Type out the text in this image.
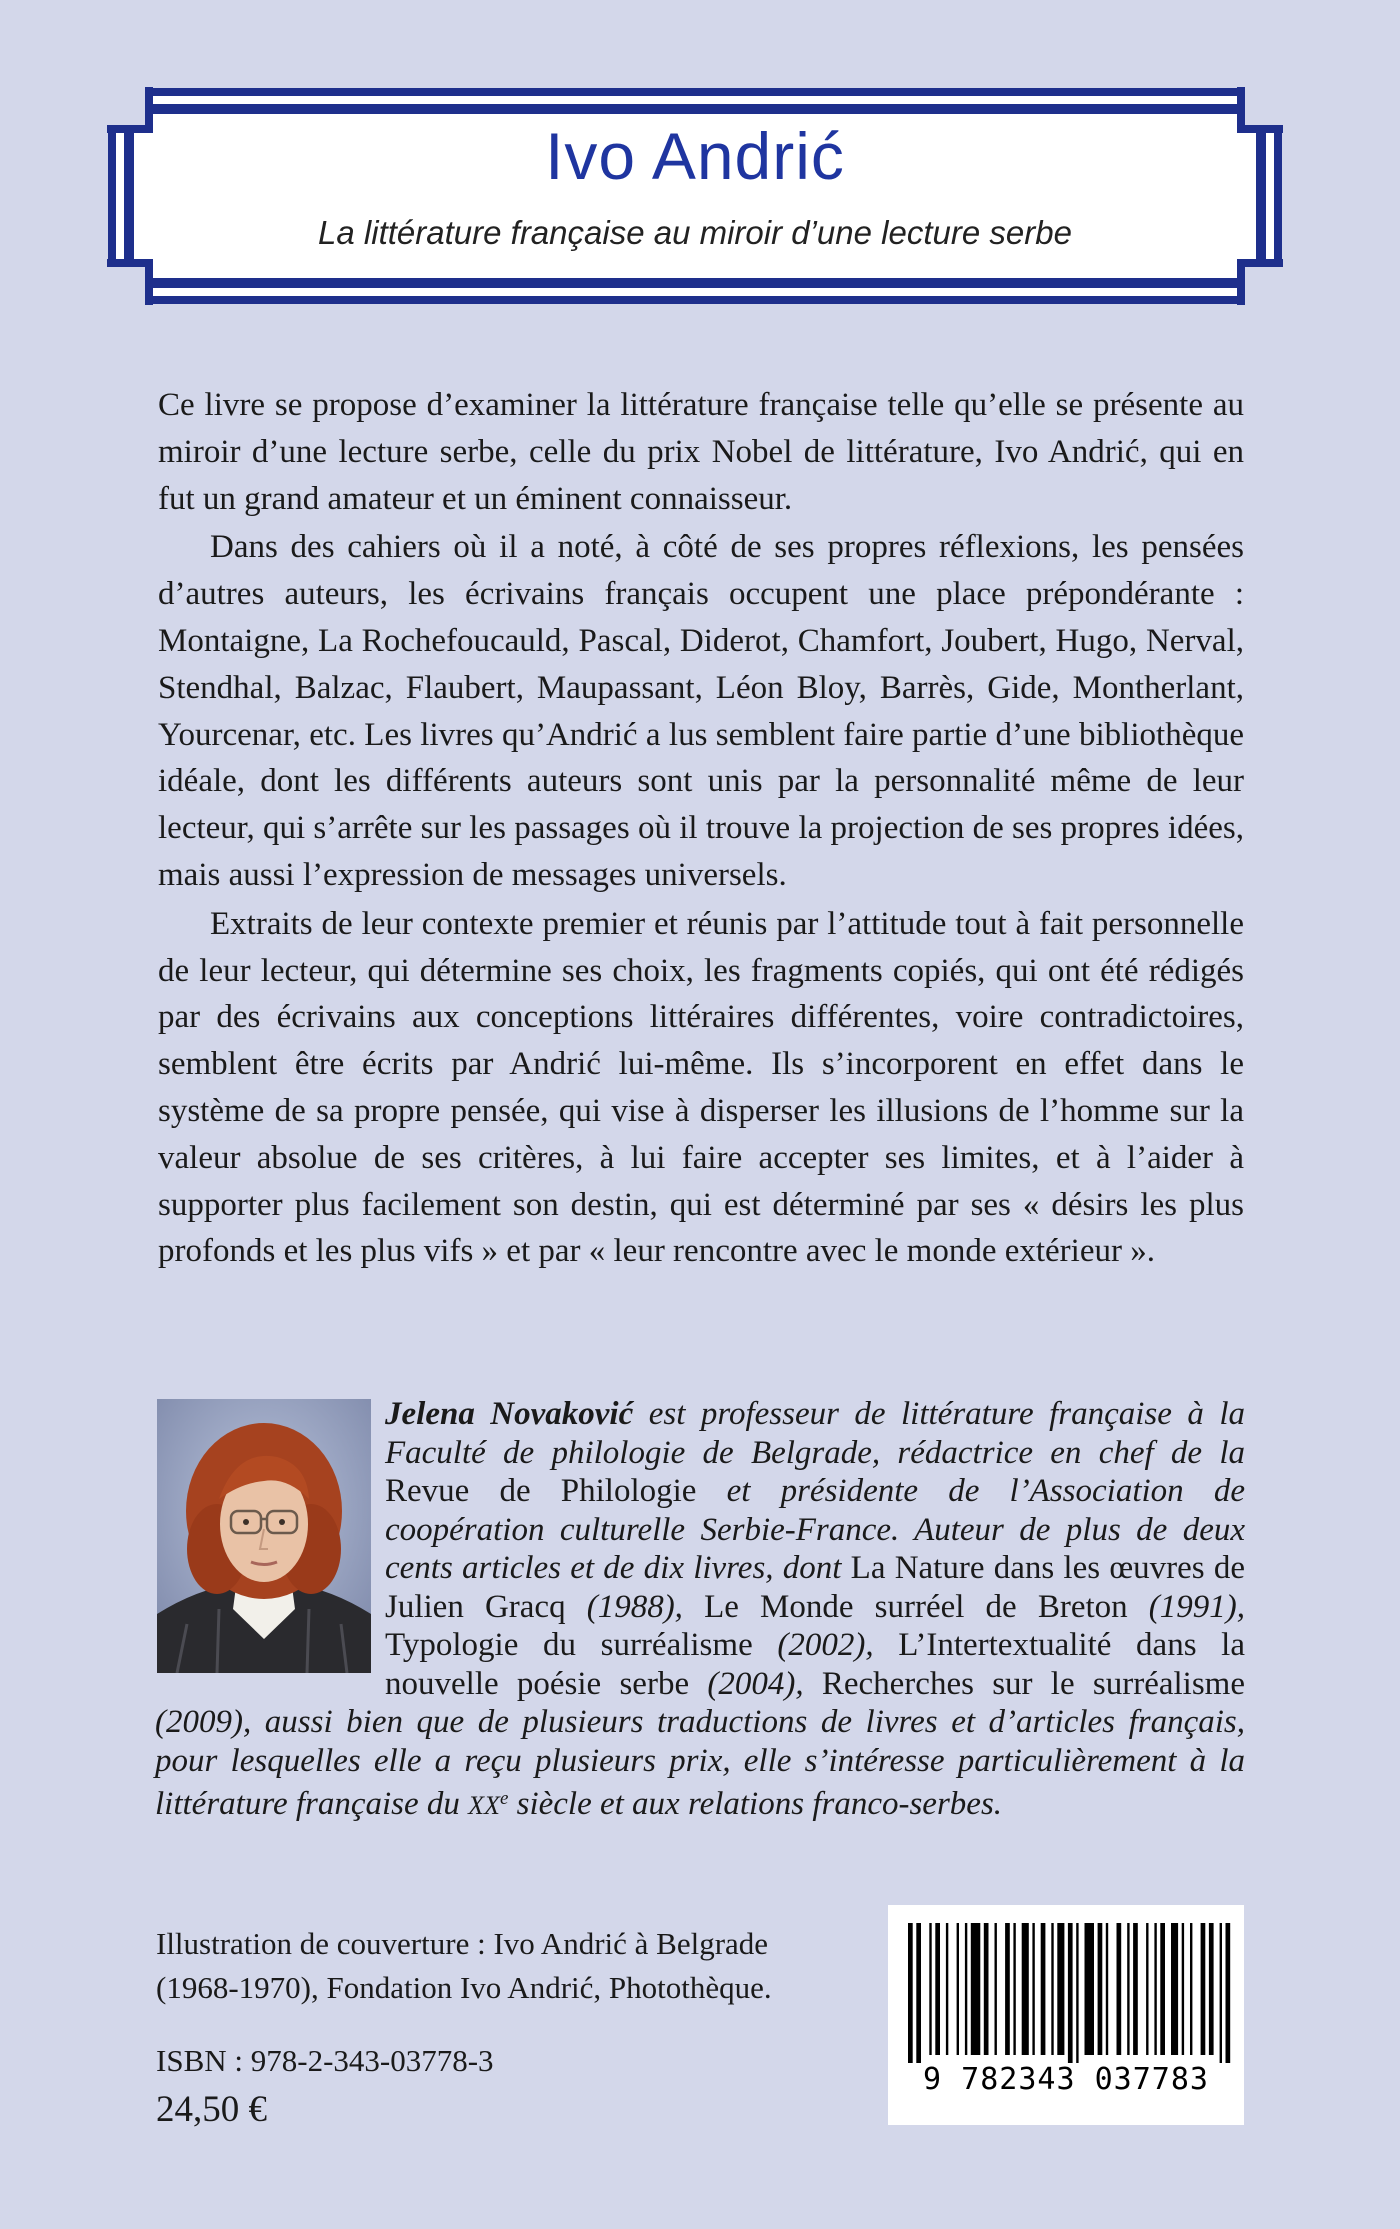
Ivo Andrić
La littérature française au miroir d’une lecture serbe

Ce livre se propose d’examiner la littérature française telle qu’elle se présente au miroir d’une lecture serbe, celle du prix Nobel de littérature, Ivo Andrić, qui en fut un grand amateur et un éminent connaisseur.

Dans des cahiers où il a noté, à côté de ses propres réflexions, les pensées d’autres auteurs, les écrivains français occupent une place prépondérante : Montaigne, La Rochefoucauld, Pascal, Diderot, Chamfort, Joubert, Hugo, Nerval, Stendhal, Balzac, Flaubert, Maupassant, Léon Bloy, Barrès, Gide, Montherlant, Yourcenar, etc. Les livres qu’Andrić a lus semblent faire partie d’une bibliothèque idéale, dont les différents auteurs sont unis par la personnalité même de leur lecteur, qui s’arrête sur les passages où il trouve la projection de ses propres idées, mais aussi l’expression de messages universels.

Extraits de leur contexte premier et réunis par l’attitude tout à fait personnelle de leur lecteur, qui détermine ses choix, les fragments copiés, qui ont été rédigés par des écrivains aux conceptions littéraires différentes, voire contradictoires, semblent être écrits par Andrić lui-même. Ils s’incorporent en effet dans le système de sa propre pensée, qui vise à disperser les illusions de l’homme sur la valeur absolue de ses critères, à lui faire accepter ses limites, et à l’aider à supporter plus facilement son destin, qui est déterminé par ses « désirs les plus profonds et les plus vifs » et par « leur rencontre avec le monde extérieur ».

Jelena Novaković est professeur de littérature française à la Faculté de philologie de Belgrade, rédactrice en chef de la Revue de Philologie et présidente de l’Association de coopération culturelle Serbie-France. Auteur de plus de deux cents articles et de dix livres, dont La Nature dans les œuvres de Julien Gracq (1988), Le Monde surréel de Breton (1991), Typologie du surréalisme (2002), L’Intertextualité dans la nouvelle poésie serbe (2004), Recherches sur le surréalisme (2009), aussi bien que de plusieurs traductions de livres et d’articles français, pour lesquelles elle a reçu plusieurs prix, elle s’intéresse particulièrement à la littérature française du XXe siècle et aux relations franco-serbes.
Illustration de couverture : Ivo Andrić à Belgrade (1968-1970), Fondation Ivo Andrić, Photothèque.
ISBN : 978-2-343-03778-3
24,50 €
9 782343 037783
